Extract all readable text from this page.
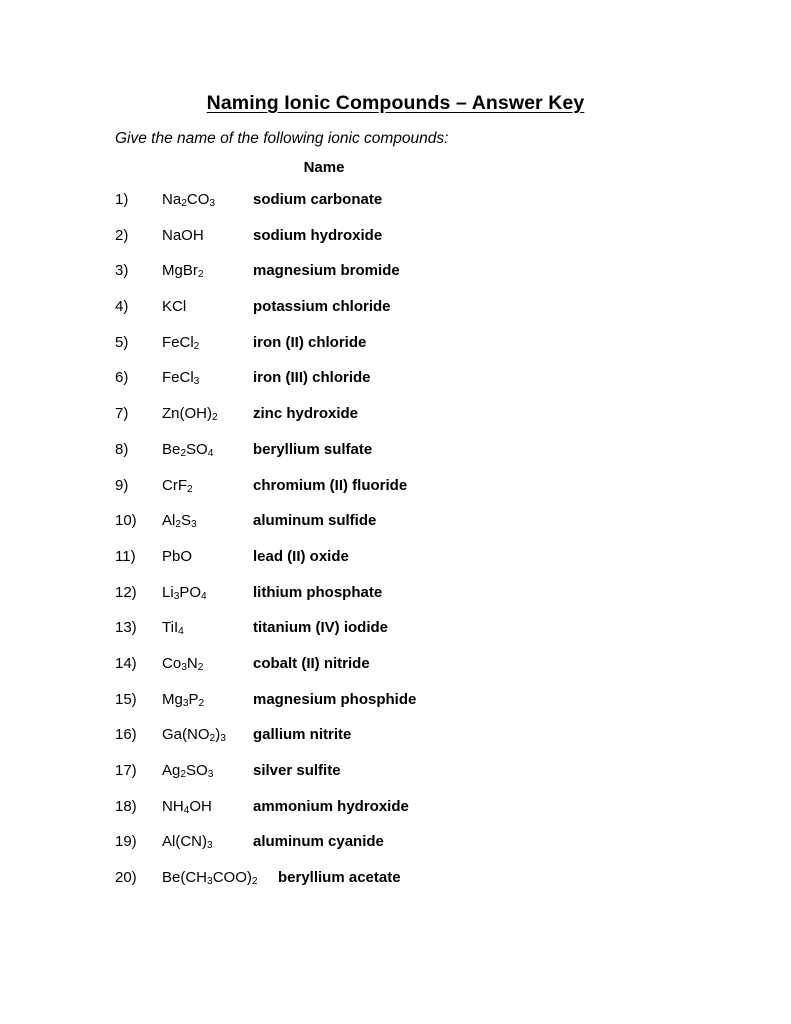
Naming Ionic Compounds – Answer Key
Give the name of the following ionic compounds:
Name
1)	$Na_2CO_3$	sodium carbonate
2)	NaOH	sodium hydroxide
3)	MgBr$_2$	magnesium bromide
4)	KCl	potassium chloride
5)	FeCl$_2$	iron (II) chloride
6)	FeCl$_3$	iron (III) chloride
7)	$Zn(OH)_2$ zinc hydroxide
8)	$Be_2SO_4$	beryllium sulfate
9)	CrF$_2$	chromium (II) fluoride
10)	$Al_2S_3$	aluminum sulfide
11)	PbO	lead (II) oxide
12)	$Li_3PO_4$	lithium phosphate
13)	TiI$_4$	titanium (IV) iodide
14)	$Co_3N_2$	cobalt (II) nitride
15)	$Mg_3P_2$	magnesium phosphide
16)	$Ga(NO_2)_3$ gallium nitrite
17)	$Ag_2SO_3$	silver sulfite
18)	$NH_4OH$	ammonium hydroxide
19)	$Al(CN)_3$	aluminum cyanide
20)	$Be(CH_3COO)_2$ beryllium acetate
